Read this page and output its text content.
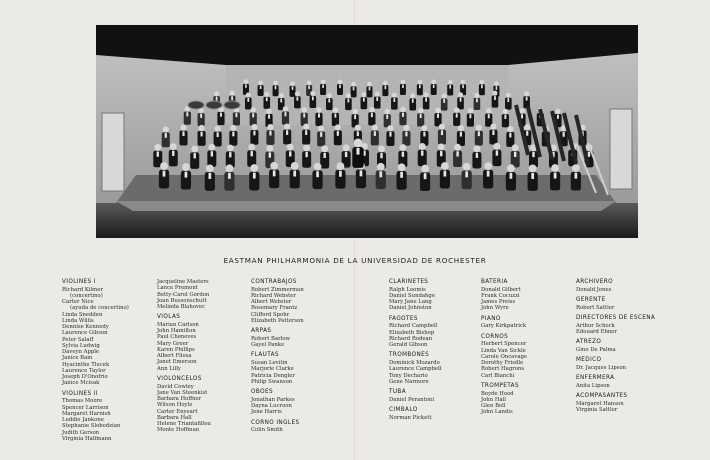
EASTMAN PHILHARMONIA DE LA UNIVERSIDAD DE ROCHESTER
VIOLINES I
Richard Kilmer
(concertino)
Carter Nice
(ayuda de concertino)
Linda Snedden
Linda Willis
Dennise Kennedy
Laurence Gibson
Peter Salaff
Sylvia Ludwig
Daveyn Apple
Janice Bain
Hyacinthe Tlucek
Laurence Taylor
Joseph D'Onofrio
Janice Mcisak
VIOLINES II
Thomas Moore
Spencer Larrison
Margaret Harnish
Luddie Jankone
Stephanie Slobodzian
Judith Gerson
Virginia Halfmann
Jacqueline Masters
Lance Premont
Betty-Carol Gordon
Joan Bussenschutt
Melinda Blahovec
VIOLAS
Marian Carlson
John Hamilton
Paul Cheneves
Mary Greer
Karen Phillips
Albert Fliosa
Janet Emerson
Ann Lilly
VIOLONCELOS
David Cowley
Jane Van Steenkist
Barbara Hoffner
Wilson Hoyle
Carter Enyeart
Barbara Hall
Helene Triantafillou
Monte Hoffman
CONTRABAJOS
Robert Zimmerman
Richard Webster
Albert Webster
Rosemary Frantz
Clifford Spohr
Elizabeth Patterson
ARPAS
Robert Barlow
Gayel Panke
FLAUTAS
Susan Levitin
Marjorie Clarke
Patricia Dengler
Philip Swanson
OBOES
Jonathan Parkes
Dayna Lucroon
Jene Harris
CORNO INGLES
Colin Smith
CLARINETES
Ralph Loomis
Daniel Sundahge
Mary Jane Lang
Daniel Johnston
FAGOTES
Richard Campbell
Elizabeth Bishop
Richard Rodean
Gerald Gibson
TROMBONES
Dominick Mozardo
Laurence Campbell
Tony Dechario
Gene Narmore
TUBA
Daniel Perantoni
CIMBALO
Norman Pickett
BATERIA
Donald Gilbert
Frank Cocuzzi
James Preiss
John Wyre
PIANO
Gary Kirkpatrick
CORNOS
Herbert Spencer
Linda Van Sickle
Carole Oncavage
Dorothy Frisdle
Robert Hagrons
Carl Bianchi
TROMPETAS
Boyde Hood
John Hall
Glen Bell
John Landis
ARCHIVERO
Donald Jones
GERENTE
Robert Sattler
DIRECTORES DE ESCENA
Arthur Schock
Edouard Ebner
ATREZO
Gino De Palma
MEDICO
Dr. Jacques Lipson
ENFERMERA
Anita Lipson
ACOMPASANTES
Margaret Hanson
Virginia Sattler
